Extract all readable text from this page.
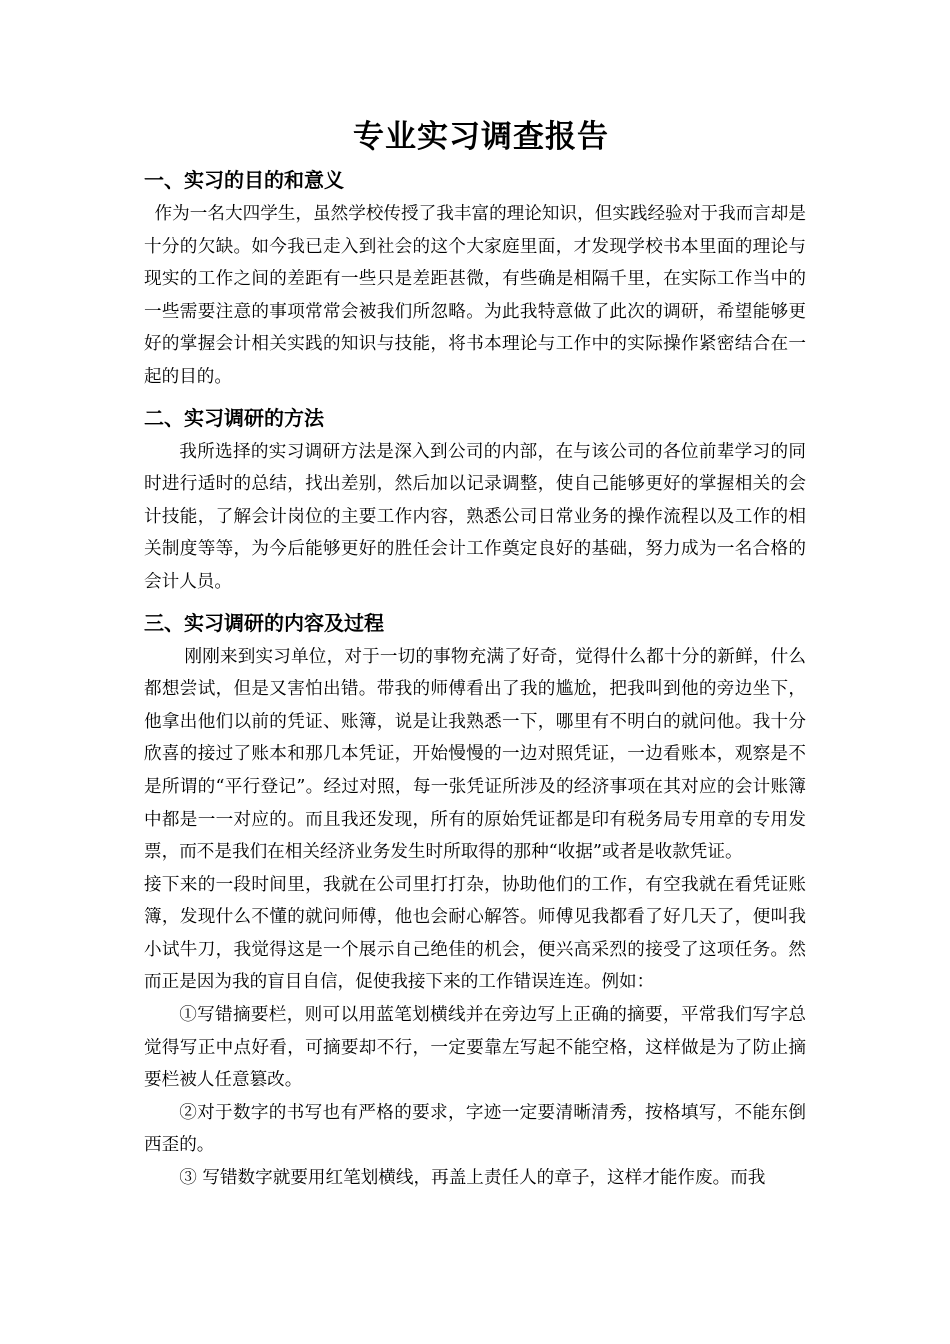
专业实习调查报告
一、实习的目的和意义

作为一名大四学生，虽然学校传授了我丰富的理论知识，但实践经验对于我而言却是十分的欠缺。如今我已走入到社会的这个大家庭里面，才发现学校书本里面的理论与现实的工作之间的差距有一些只是差距甚微，有些确是相隔千里，在实际工作当中的一些需要注意的事项常常会被我们所忽略。为此我特意做了此次的调研，希望能够更好的掌握会计相关实践的知识与技能，将书本理论与工作中的实际操作紧密结合在一起的目的。

二、实习调研的方法

我所选择的实习调研方法是深入到公司的内部，在与该公司的各位前辈学习的同时进行适时的总结，找出差别，然后加以记录调整，使自己能够更好的掌握相关的会计技能，了解会计岗位的主要工作内容，熟悉公司日常业务的操作流程以及工作的相关制度等等，为今后能够更好的胜任会计工作奠定良好的基础，努力成为一名合格的会计人员。

三、实习调研的内容及过程

刚刚来到实习单位，对于一切的事物充满了好奇，觉得什么都十分的新鲜，什么都想尝试，但是又害怕出错。带我的师傅看出了我的尴尬，把我叫到他的旁边坐下，他拿出他们以前的凭证、账簿，说是让我熟悉一下，哪里有不明白的就问他。我十分欣喜的接过了账本和那几本凭证，开始慢慢的一边对照凭证，一边看账本，观察是不是所谓的“平行登记”。经过对照，每一张凭证所涉及的经济事项在其对应的会计账簿中都是一一对应的。而且我还发现，所有的原始凭证都是印有税务局专用章的专用发票，而不是我们在相关经济业务发生时所取得的那种“收据”或者是收款凭证。

接下来的一段时间里，我就在公司里打打杂，协助他们的工作，有空我就在看凭证账簿，发现什么不懂的就问师傅，他也会耐心解答。师傅见我都看了好几天了，便叫我小试牛刀，我觉得这是一个展示自己绝佳的机会，便兴高采烈的接受了这项任务。然而正是因为我的盲目自信，促使我接下来的工作错误连连。例如：

①写错摘要栏，则可以用蓝笔划横线并在旁边写上正确的摘要，平常我们写字总觉得写正中点好看，可摘要却不行，一定要靠左写起不能空格，这样做是为了防止摘要栏被人任意篡改。

②对于数字的书写也有严格的要求，字迹一定要清晰清秀，按格填写，不能东倒西歪的。

③ 写错数字就要用红笔划横线，再盖上责任人的章子，这样才能作废。而我
